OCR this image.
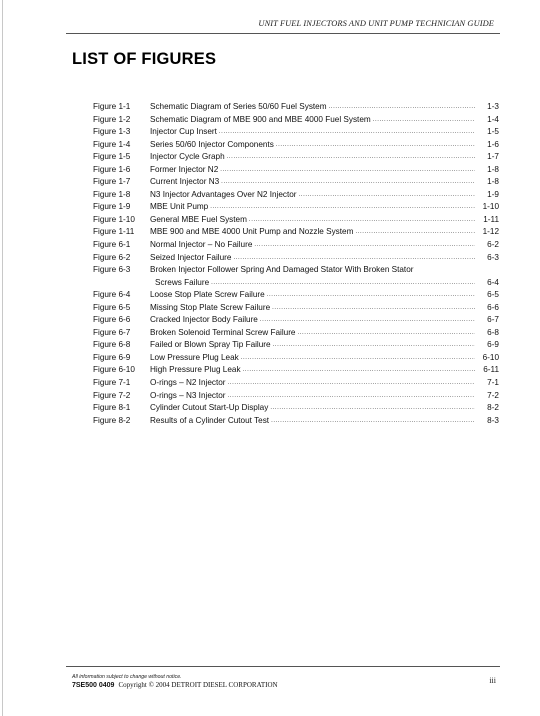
UNIT FUEL INJECTORS AND UNIT PUMP TECHNICIAN GUIDE
LIST OF FIGURES
Figure 1-1 Schematic Diagram of Series 50/60 Fuel System .....	1-3
Figure 1-2 Schematic Diagram of MBE 900 and MBE 4000 Fuel System .....	1-4
Figure 1-3 Injector Cup Insert .....	1-5
Figure 1-4 Series 50/60 Injector Components .....	1-6
Figure 1-5 Injector Cycle Graph .....	1-7
Figure 1-6 Former Injector N2 .....	1-8
Figure 1-7 Current Injector N3 .....	1-8
Figure 1-8 N3 Injector Advantages Over N2 Injector .....	1-9
Figure 1-9 MBE Unit Pump .....	1-10
Figure 1-10 General MBE Fuel System .....	1-11
Figure 1-11 MBE 900 and MBE 4000 Unit Pump and Nozzle System .....	1-12
Figure 6-1 Normal Injector – No Failure .....	6-2
Figure 6-2 Seized Injector Failure .....	6-3
Figure 6-3 Broken Injector Follower Spring And Damaged Stator With Broken Stator
Screws Failure .....	6-4
Figure 6-4 Loose Stop Plate Screw Failure .....	6-5
Figure 6-5 Missing Stop Plate Screw Failure .....	6-6
Figure 6-6 Cracked Injector Body Failure .....	6-7
Figure 6-7 Broken Solenoid Terminal Screw Failure .....	6-8
Figure 6-8 Failed or Blown Spray Tip Failure .....	6-9
Figure 6-9 Low Pressure Plug Leak .....	6-10
Figure 6-10 High Pressure Plug Leak .....	6-11
Figure 7-1 O-rings – N2 Injector .....	7-1
Figure 7-2 O-rings – N3 Injector .....	7-2
Figure 8-1 Cylinder Cutout Start-Up Display .....	8-2
Figure 8-2 Results of a Cylinder Cutout Test .....	8-3
All information subject to change without notice.
7SE500 0409 Copyright © 2004 DETROIT DIESEL CORPORATION	iii
